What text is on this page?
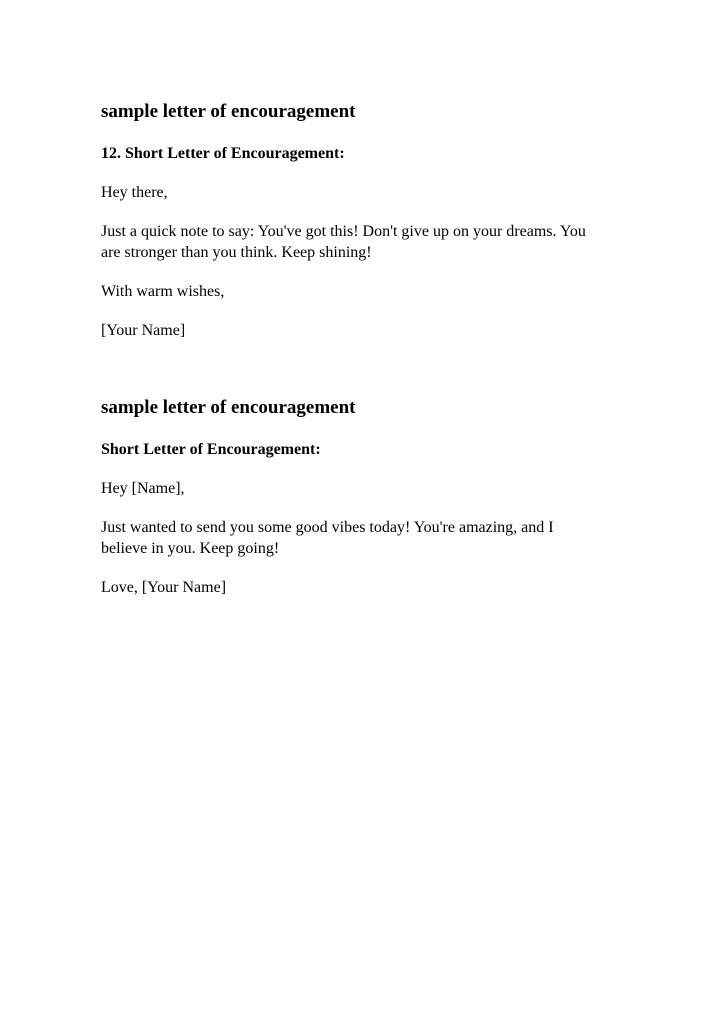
sample letter of encouragement
12. Short Letter of Encouragement:

Hey there,

Just a quick note to say: You've got this! Don't give up on your dreams. You
are stronger than you think. Keep shining!

With warm wishes,

[Your Name]

sample letter of encouragement
Short Letter of Encouragement:

Hey [Name],

Just wanted to send you some good vibes today! You're amazing, and I
believe in you. Keep going!

Love, [Your Name]
